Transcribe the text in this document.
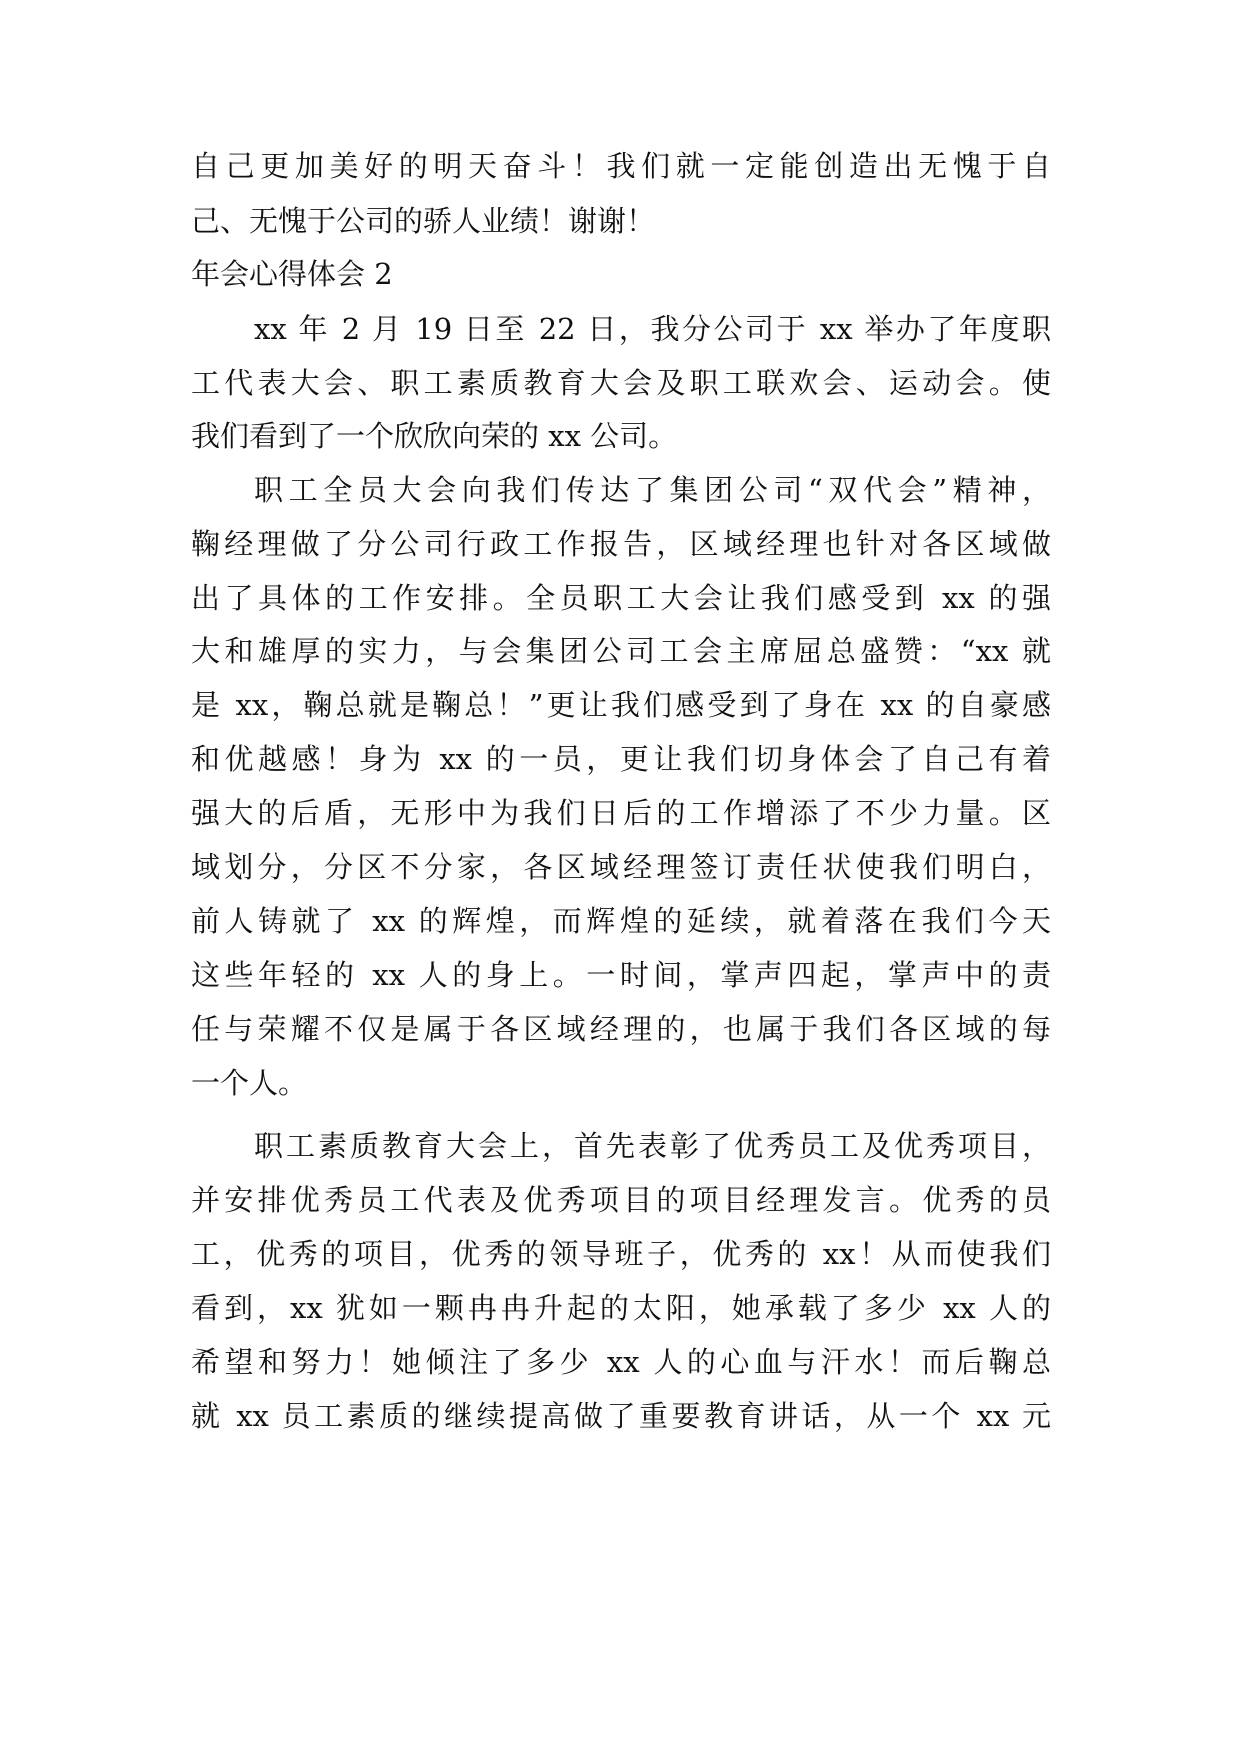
自己更加美好的明天奋斗！我们就一定能创造出无愧于自
己、无愧于公司的骄人业绩！谢谢！
年会心得体会 2
xx 年 2 月 19 日至 22 日，我分公司于 xx 举办了年度职
工代表大会、职工素质教育大会及职工联欢会、运动会。使
我们看到了一个欣欣向荣的 xx 公司。
职工全员大会向我们传达了集团公司“双代会”精神，
鞠经理做了分公司行政工作报告，区域经理也针对各区域做
出了具体的工作安排。全员职工大会让我们感受到 xx 的强
大和雄厚的实力，与会集团公司工会主席屈总盛赞：“xx 就
是 xx，鞠总就是鞠总！”更让我们感受到了身在 xx 的自豪感
和优越感！身为 xx 的一员，更让我们切身体会了自己有着
强大的后盾，无形中为我们日后的工作增添了不少力量。区
域划分，分区不分家，各区域经理签订责任状使我们明白，
前人铸就了 xx 的辉煌，而辉煌的延续，就着落在我们今天
这些年轻的 xx 人的身上。一时间，掌声四起，掌声中的责
任与荣耀不仅是属于各区域经理的，也属于我们各区域的每
一个人。
职工素质教育大会上，首先表彰了优秀员工及优秀项目，
并安排优秀员工代表及优秀项目的项目经理发言。优秀的员
工，优秀的项目，优秀的领导班子，优秀的 xx！从而使我们
看到，xx 犹如一颗冉冉升起的太阳，她承载了多少 xx 人的
希望和努力！她倾注了多少 xx 人的心血与汗水！而后鞠总
就 xx 员工素质的继续提高做了重要教育讲话，从一个 xx 元
